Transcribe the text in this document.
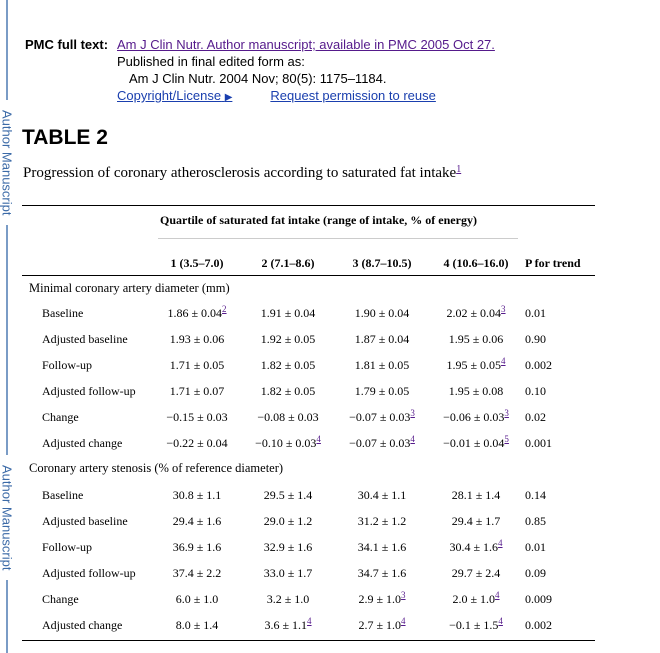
Author Manuscript
Author Manuscript
PMC full text: Am J Clin Nutr. Author manuscript; available in PMC 2005 Oct 27.
Published in final edited form as:
Am J Clin Nutr. 2004 Nov; 80(5): 1175–1184.
Copyright/License ▶	Request permission to reuse
TABLE 2
Progression of coronary atherosclerosis according to saturated fat intake$^1$
Quartile of saturated fat intake (range of intake, % of energy)
1 (3.5–7.0)	2 (7.1–8.6)	3 (8.7–10.5)	4 (10.6–16.0) P for trend
Minimal coronary artery diameter (mm)
Baseline	1.86 ± 0.04$^2$	1.91 ± 0.04	1.90 ± 0.04	2.02 ± 0.04$^3$ 0.01
Adjusted baseline	1.93 ± 0.06	1.92 ± 0.05	1.87 ± 0.04	1.95 ± 0.06 0.90
Follow-up	1.71 ± 0.05	1.82 ± 0.05	1.81 ± 0.05	1.95 ± 0.05$^4$ 0.002
Adjusted follow-up	1.71 ± 0.07	1.82 ± 0.05	1.79 ± 0.05	1.95 ± 0.08 0.10
Change	−0.15 ± 0.03 −0.08 ± 0.03	−0.07 ± 0.03$^3$ −0.06 ± 0.03$^3$ 0.02
Adjusted change	−0.22 ± 0.04 −0.10 ± 0.03$^4$ −0.07 ± 0.03$^4$ −0.01 ± 0.04$^5$ 0.001
Coronary artery stenosis (% of reference diameter)
Baseline	30.8 ± 1.1	29.5 ± 1.4	30.4 ± 1.1	28.1 ± 1.4 0.14
Adjusted baseline	29.4 ± 1.6	29.0 ± 1.2	31.2 ± 1.2	29.4 ± 1.7 0.85
Follow-up	36.9 ± 1.6	32.9 ± 1.6	34.1 ± 1.6	30.4 ± 1.6$^4$ 0.01
Adjusted follow-up	37.4 ± 2.2	33.0 ± 1.7	34.7 ± 1.6	29.7 ± 2.4 0.09
Change	6.0 ± 1.0	3.2 ± 1.0	2.9 ± 1.0$^3$	2.0 ± 1.0$^4$ 0.009
Adjusted change	8.0 ± 1.4	3.6 ± 1.1$^4$	2.7 ± 1.0$^4$	−0.1 ± 1.5$^4$ 0.002
